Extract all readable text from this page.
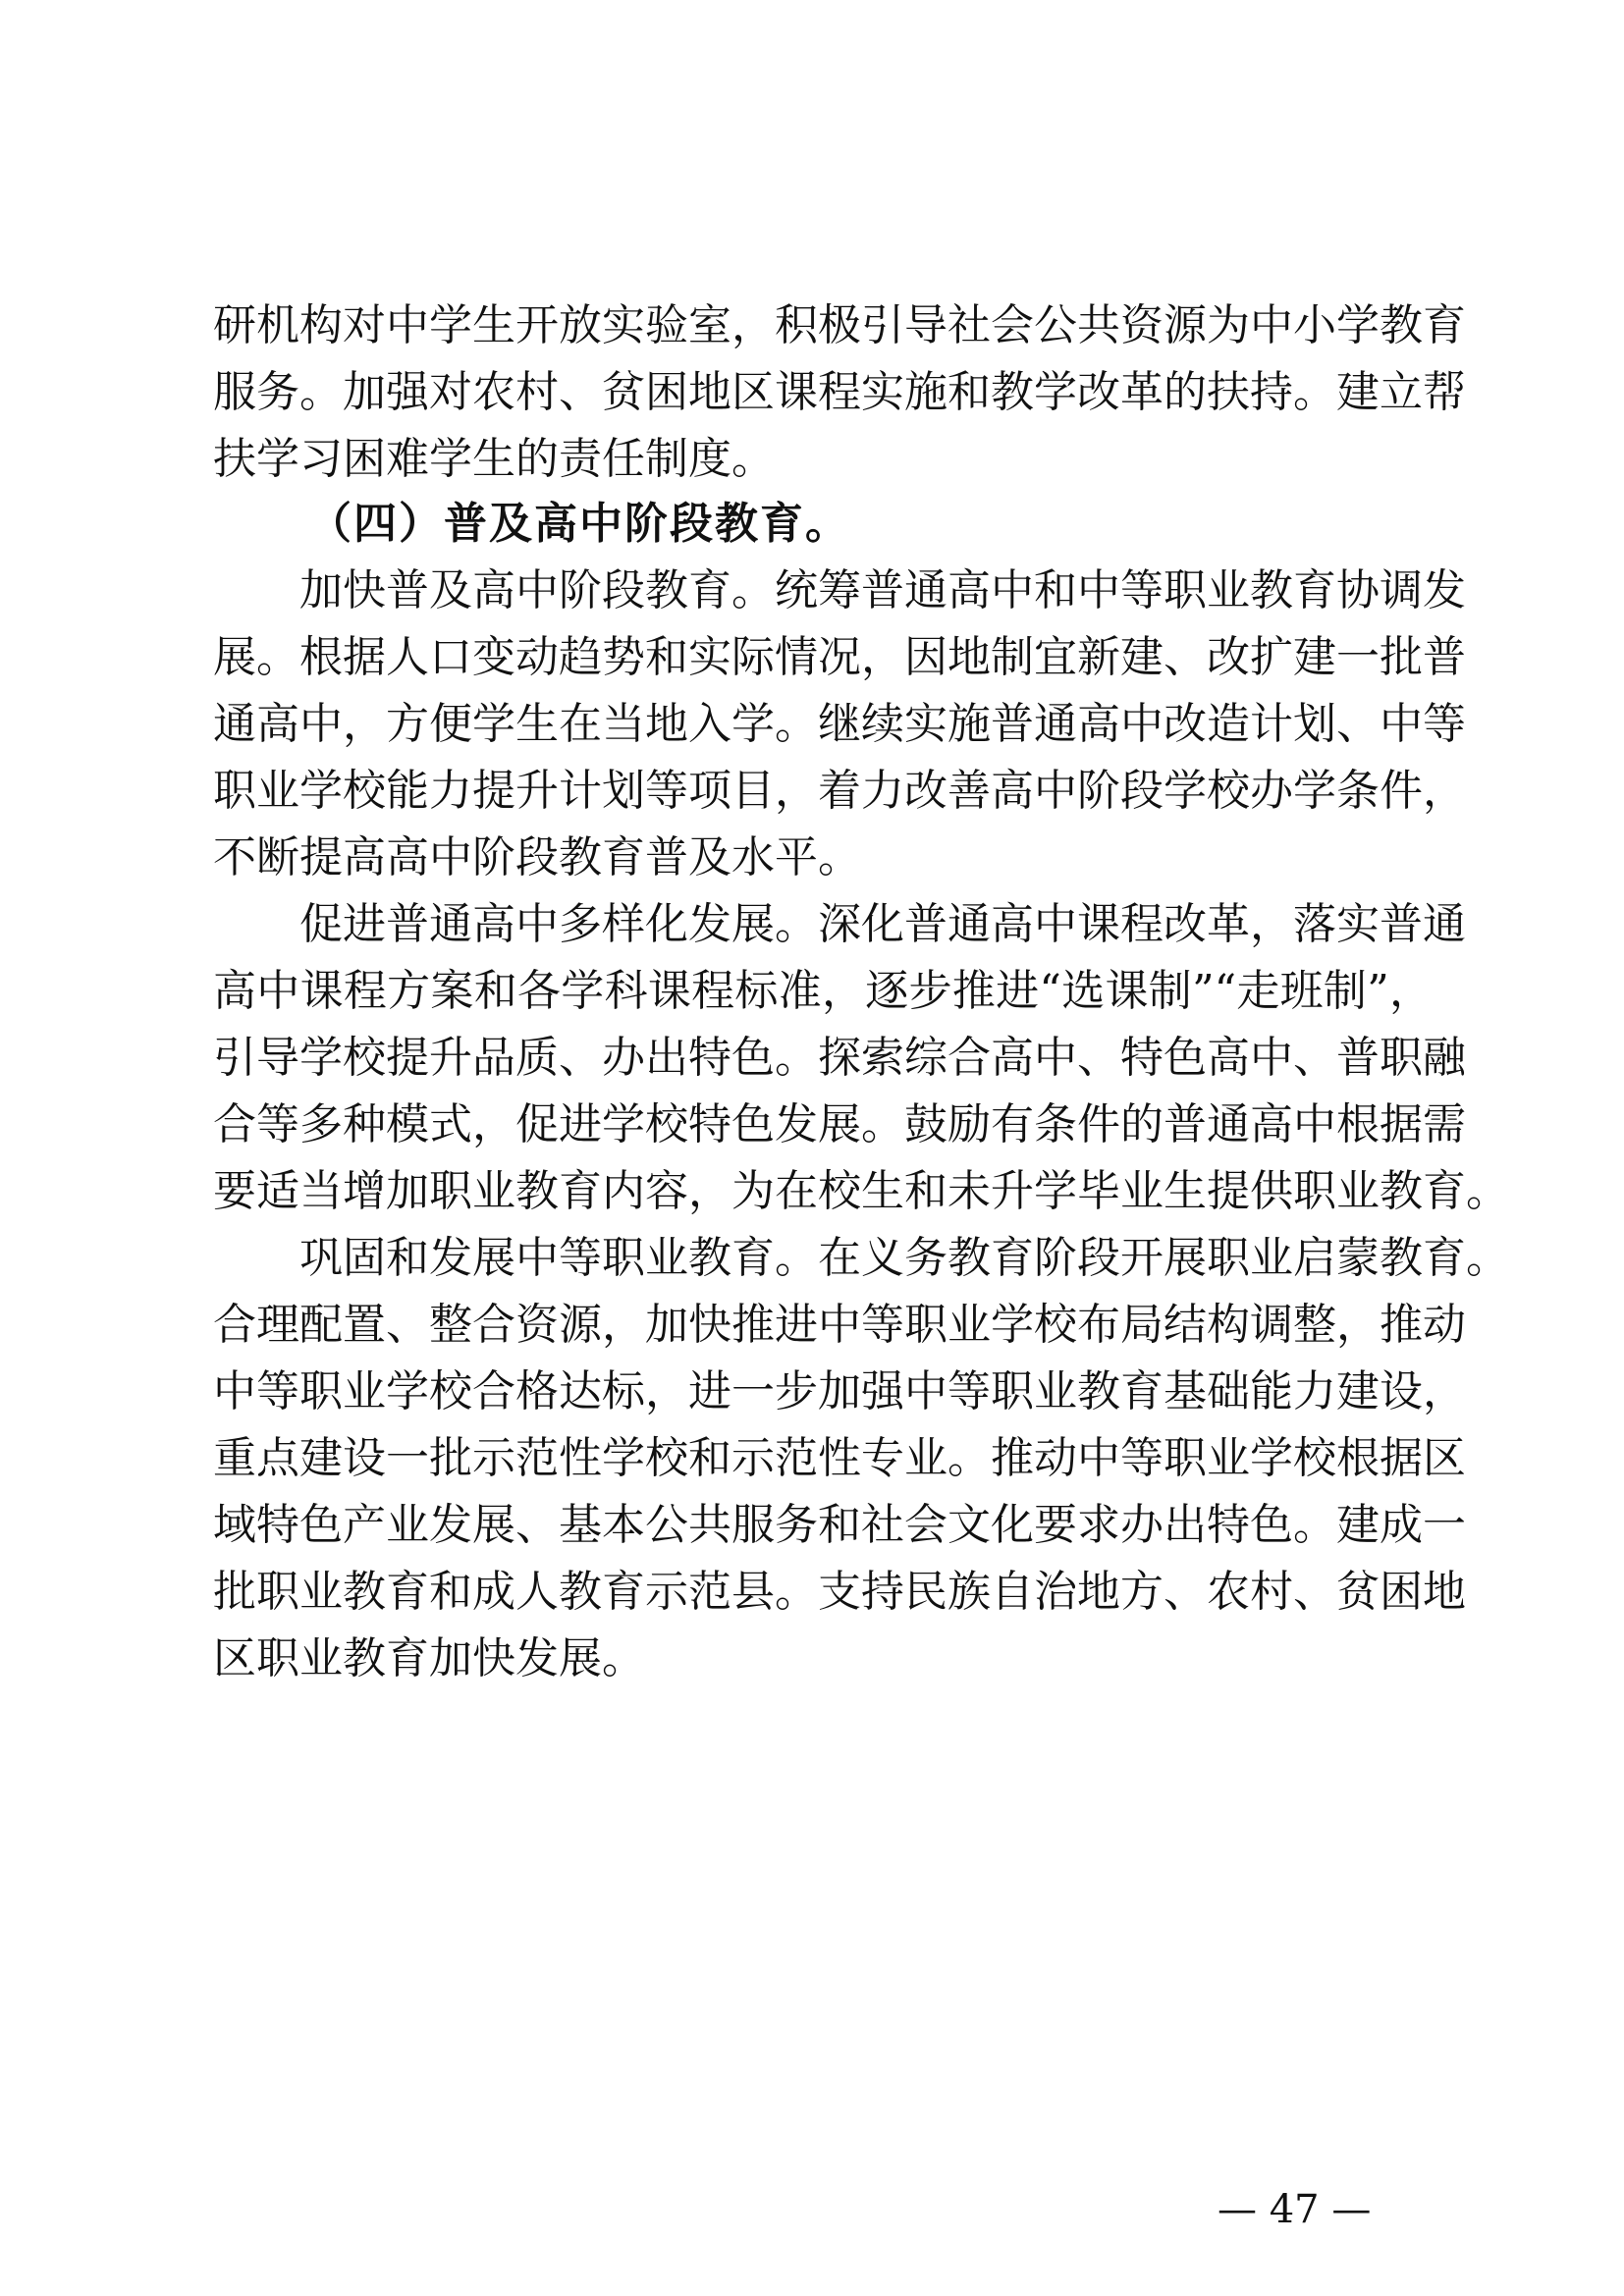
研机构对中学生开放实验室，积极引导社会公共资源为中小学教育
服务。加强对农村、贫困地区课程实施和教学改革的扶持。建立帮
扶学习困难学生的责任制度。
（四）普及高中阶段教育。
加快普及高中阶段教育。统筹普通高中和中等职业教育协调发
展。根据人口变动趋势和实际情况，因地制宜新建、改扩建一批普
通高中，方便学生在当地入学。继续实施普通高中改造计划、中等
职业学校能力提升计划等项目，着力改善高中阶段学校办学条件，
不断提高高中阶段教育普及水平。
促进普通高中多样化发展。深化普通高中课程改革，落实普通
高中课程方案和各学科课程标准，逐步推进“选课制”“走班制”，
引导学校提升品质、办出特色。探索综合高中、特色高中、普职融
合等多种模式，促进学校特色发展。鼓励有条件的普通高中根据需
要适当增加职业教育内容，为在校生和未升学毕业生提供职业教育。
巩固和发展中等职业教育。在义务教育阶段开展职业启蒙教育。
合理配置、整合资源，加快推进中等职业学校布局结构调整，推动
中等职业学校合格达标，进一步加强中等职业教育基础能力建设，
重点建设一批示范性学校和示范性专业。推动中等职业学校根据区
域特色产业发展、基本公共服务和社会文化要求办出特色。建成一
批职业教育和成人教育示范县。支持民族自治地方、农村、贫困地
区职业教育加快发展。
— 47 —
